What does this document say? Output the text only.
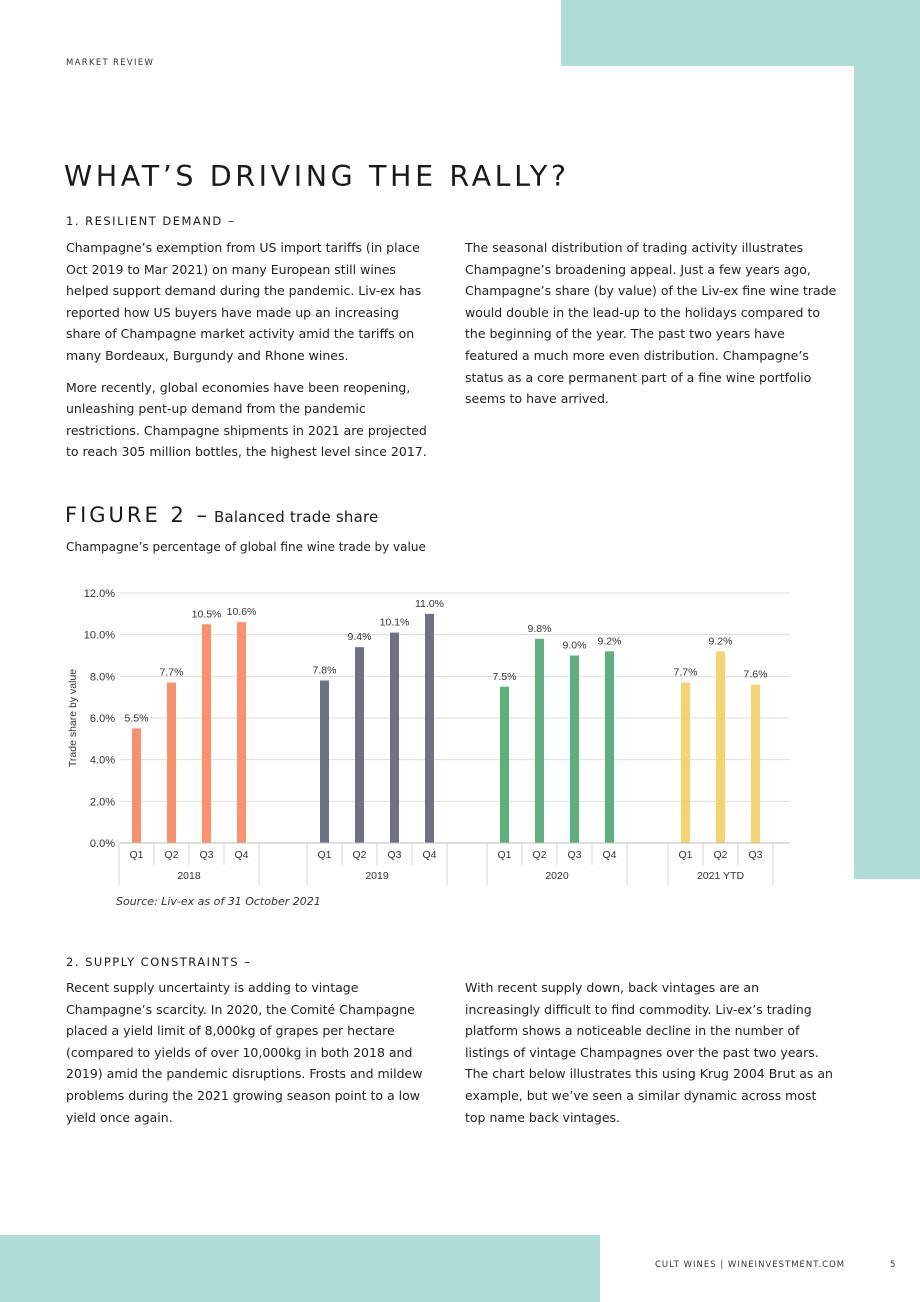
MARKET REVIEW
WHAT’S DRIVING THE RALLY?
1. RESILIENT DEMAND –

Champagne’s exemption from US import tariffs (in place Oct 2019 to Mar 2021) on many European still wines helped support demand during the pandemic. Liv-ex has reported how US buyers have made up an increasing share of Champagne market activity amid the tariffs on many Bordeaux, Burgundy and Rhone wines.

More recently, global economies have been reopening, unleashing pent-up demand from the pandemic restrictions. Champagne shipments in 2021 are projected to reach 305 million bottles, the highest level since 2017.

The seasonal distribution of trading activity illustrates Champagne’s broadening appeal. Just a few years ago, Champagne’s share (by value) of the Liv-ex fine wine trade would double in the lead-up to the holidays compared to the beginning of the year. The past two years have featured a much more even distribution. Champagne’s status as a core permanent part of a fine wine portfolio seems to have arrived.

FIGURE 2 – Balanced trade share
Champagne’s percentage of global fine wine trade by value
0.0%
2.0%
4.0%
6.0%
8.0%
10.0%
12.0%
Trade share by value	5.5%
Q1
7.7%
Q2
10.5%
Q3
10.6%
Q4
2018
7.8%
Q1
9.4%
Q2
10.1%
Q3
11.0%
Q4
2019
7.5%
Q1
9.8%
Q2
9.0%
Q3
9.2%
Q4
2020
7.7%
Q1
9.2%
Q2
7.6%
Q3
2021 YTD
Source: Liv-ex as of 31 October 2021
2. SUPPLY CONSTRAINTS –

Recent supply uncertainty is adding to vintage Champagne’s scarcity. In 2020, the Comité Champagne placed a yield limit of 8,000kg of grapes per hectare (compared to yields of over 10,000kg in both 2018 and 2019) amid the pandemic disruptions. Frosts and mildew problems during the 2021 growing season point to a low yield once again.

With recent supply down, back vintages are an increasingly difficult to find commodity. Liv-ex’s trading platform shows a noticeable decline in the number of listings of vintage Champagnes over the past two years. The chart below illustrates this using Krug 2004 Brut as an example, but we’ve seen a similar dynamic across most top name back vintages.

CULT WINES | WINEINVESTMENT.COM	5
